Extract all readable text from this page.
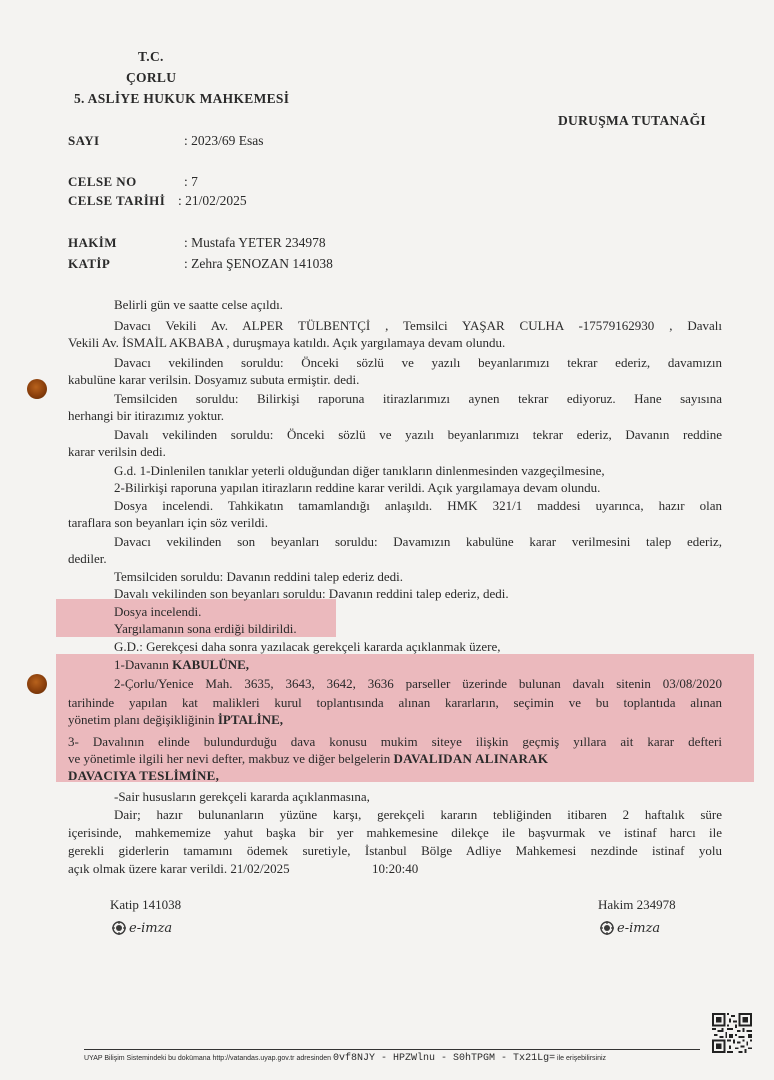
T.C.
ÇORLU
5. ASLİYE HUKUK MAHKEMESİ
DURUŞMA TUTANAĞI
SAYI	: 2023/69 Esas
CELSE NO	: 7
CELSE TARİHİ : 21/02/2025
HAKİM	: Mustafa YETER 234978
KATİP	: Zehra ŞENOZAN 141038
Belirli gün ve saatte celse açıldı.
Davacı Vekili Av. ALPER TÜLBENTÇİ , Temsilci YAŞAR CULHA -17579162930 , Davalı
Vekili Av. İSMAİL AKBABA , duruşmaya katıldı. Açık yargılamaya devam olundu.
Davacı vekilinden soruldu: Önceki sözlü ve yazılı beyanlarımızı tekrar ederiz, davamızın
kabulüne karar verilsin. Dosyamız subuta ermiştir. dedi.
Temsilciden soruldu: Bilirkişi raporuna itirazlarımızı aynen tekrar ediyoruz. Hane sayısına
herhangi bir itirazımız yoktur.
Davalı vekilinden soruldu: Önceki sözlü ve yazılı beyanlarımızı tekrar ederiz, Davanın reddine
karar verilsin dedi.
G.d. 1-Dinlenilen tanıklar yeterli olduğundan diğer tanıkların dinlenmesinden vazgeçilmesine,
2-Bilirkişi raporuna yapılan itirazların reddine karar verildi. Açık yargılamaya devam olundu.
Dosya incelendi. Tahkikatın tamamlandığı anlaşıldı. HMK 321/1 maddesi uyarınca, hazır olan
taraflara son beyanları için söz verildi.
Davacı vekilinden son beyanları soruldu: Davamızın kabulüne karar verilmesini talep ederiz,
dediler.
Temsilciden soruldu: Davanın reddini talep ederiz dedi.
Davalı vekilinden son beyanları soruldu: Davanın reddini talep ederiz, dedi.
Dosya incelendi.
Yargılamanın sona erdiği bildirildi.
G.D.: Gerekçesi daha sonra yazılacak gerekçeli kararda açıklanmak üzere,
1-Davanın KABULÜNE,
2-Çorlu/Yenice Mah. 3635, 3643, 3642, 3636 parseller üzerinde bulunan davalı sitenin 03/08/2020
tarihinde yapılan kat malikleri kurul toplantısında alınan kararların, seçimin ve bu toplantıda alınan
yönetim planı değişikliğinin İPTALİNE,
3- Davalının elinde bulundurduğu dava konusu mukim siteye ilişkin geçmiş yıllara ait karar defteri
ve yönetimle ilgili her nevi defter, makbuz ve diğer belgelerin DAVALIDAN ALINARAK
DAVACIYA TESLİMİNE,
-Sair hususların gerekçeli kararda açıklanmasına,
Dair; hazır bulunanların yüzüne karşı, gerekçeli kararın tebliğinden itibaren 2 haftalık süre
içerisinde, mahkememize yahut başka bir yer mahkemesine dilekçe ile başvurmak ve istinaf harcı ile
gerekli giderlerin tamamını ödemek suretiyle, İstanbul Bölge Adliye Mahkemesi nezdinde istinaf yolu
açık olmak üzere karar verildi. 21/02/2025	10:20:40
Katip 141038
e-imza
Hakim 234978
e-imza
UYAP Bilişim Sistemindeki bu dokümana http://vatandas.uyap.gov.tr adresinden 0vf8NJY - HPZWlnu - S0hTPGM - Tx21Lg= ile erişebilirsiniz
